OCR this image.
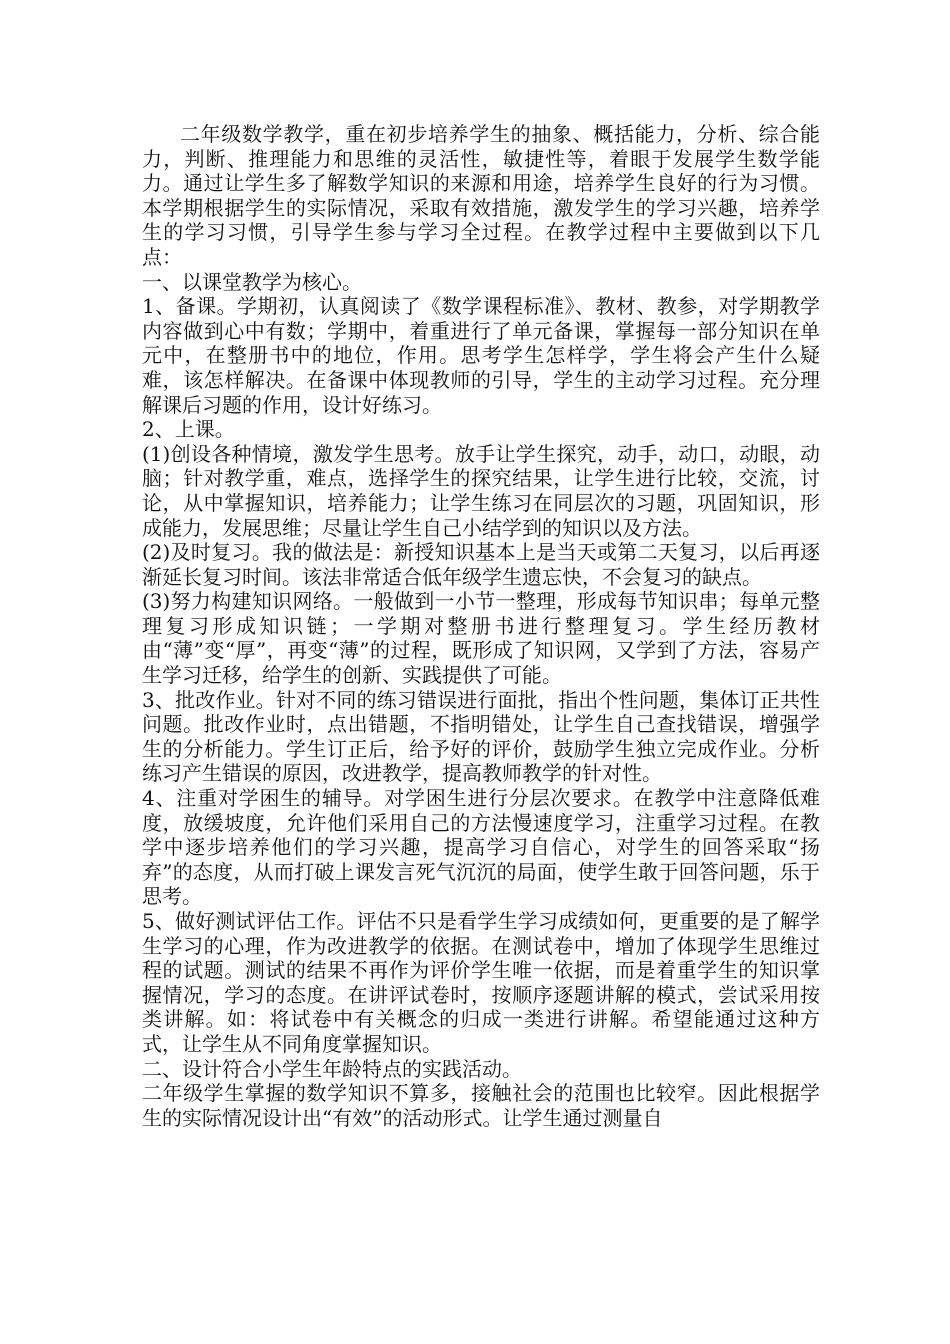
二年级数学教学，重在初步培养学生的抽象、概括能力，分析、综合能力，判断、推理能力和思维的灵活性，敏捷性等，着眼于发展学生数学能力。通过让学生多了解数学知识的来源和用途，培养学生良好的行为习惯。本学期根据学生的实际情况，采取有效措施，激发学生的学习兴趣，培养学生的学习习惯，引导学生参与学习全过程。在教学过程中主要做到以下几点：

一、以课堂教学为核心。

1、备课。学期初，认真阅读了《数学课程标准》、教材、教参，对学期教学内容做到心中有数；学期中，着重进行了单元备课，掌握每一部分知识在单元中，在整册书中的地位，作用。思考学生怎样学，学生将会产生什么疑难，该怎样解决。在备课中体现教师的引导，学生的主动学习过程。充分理解课后习题的作用，设计好练习。

2、上课。

(1)创设各种情境，激发学生思考。放手让学生探究，动手，动口，动眼，动脑；针对教学重，难点，选择学生的探究结果，让学生进行比较，交流，讨论，从中掌握知识，培养能力；让学生练习在同层次的习题，巩固知识，形成能力，发展思维；尽量让学生自己小结学到的知识以及方法。

(2)及时复习。我的做法是：新授知识基本上是当天或第二天复习，以后再逐渐延长复习时间。该法非常适合低年级学生遗忘快，不会复习的缺点。

(3)努力构建知识网络。一般做到一小节一整理，形成每节知识串；每单元整理复习形成知识链；一学期对整册书进行整理复习。学生经历教材由“薄”变“厚”，再变“薄”的过程，既形成了知识网，又学到了方法，容易产生学习迁移，给学生的创新、实践提供了可能。

3、批改作业。针对不同的练习错误进行面批，指出个性问题，集体订正共性问题。批改作业时，点出错题，不指明错处，让学生自己查找错误，增强学生的分析能力。学生订正后，给予好的评价，鼓励学生独立完成作业。分析练习产生错误的原因，改进教学，提高教师教学的针对性。

4、注重对学困生的辅导。对学困生进行分层次要求。在教学中注意降低难度，放缓坡度，允许他们采用自己的方法慢速度学习，注重学习过程。在教学中逐步培养他们的学习兴趣，提高学习自信心，对学生的回答采取“扬弃”的态度，从而打破上课发言死气沉沉的局面，使学生敢于回答问题，乐于思考。

5、做好测试评估工作。评估不只是看学生学习成绩如何，更重要的是了解学生学习的心理，作为改进教学的依据。在测试卷中，增加了体现学生思维过程的试题。测试的结果不再作为评价学生唯一依据，而是着重学生的知识掌握情况，学习的态度。在讲评试卷时，按顺序逐题讲解的模式，尝试采用按类讲解。如：将试卷中有关概念的归成一类进行讲解。希望能通过这种方式，让学生从不同角度掌握知识。

二、设计符合小学生年龄特点的实践活动。

二年级学生掌握的数学知识不算多，接触社会的范围也比较窄。因此根据学生的实际情况设计出“有效”的活动形式。让学生通过测量自
